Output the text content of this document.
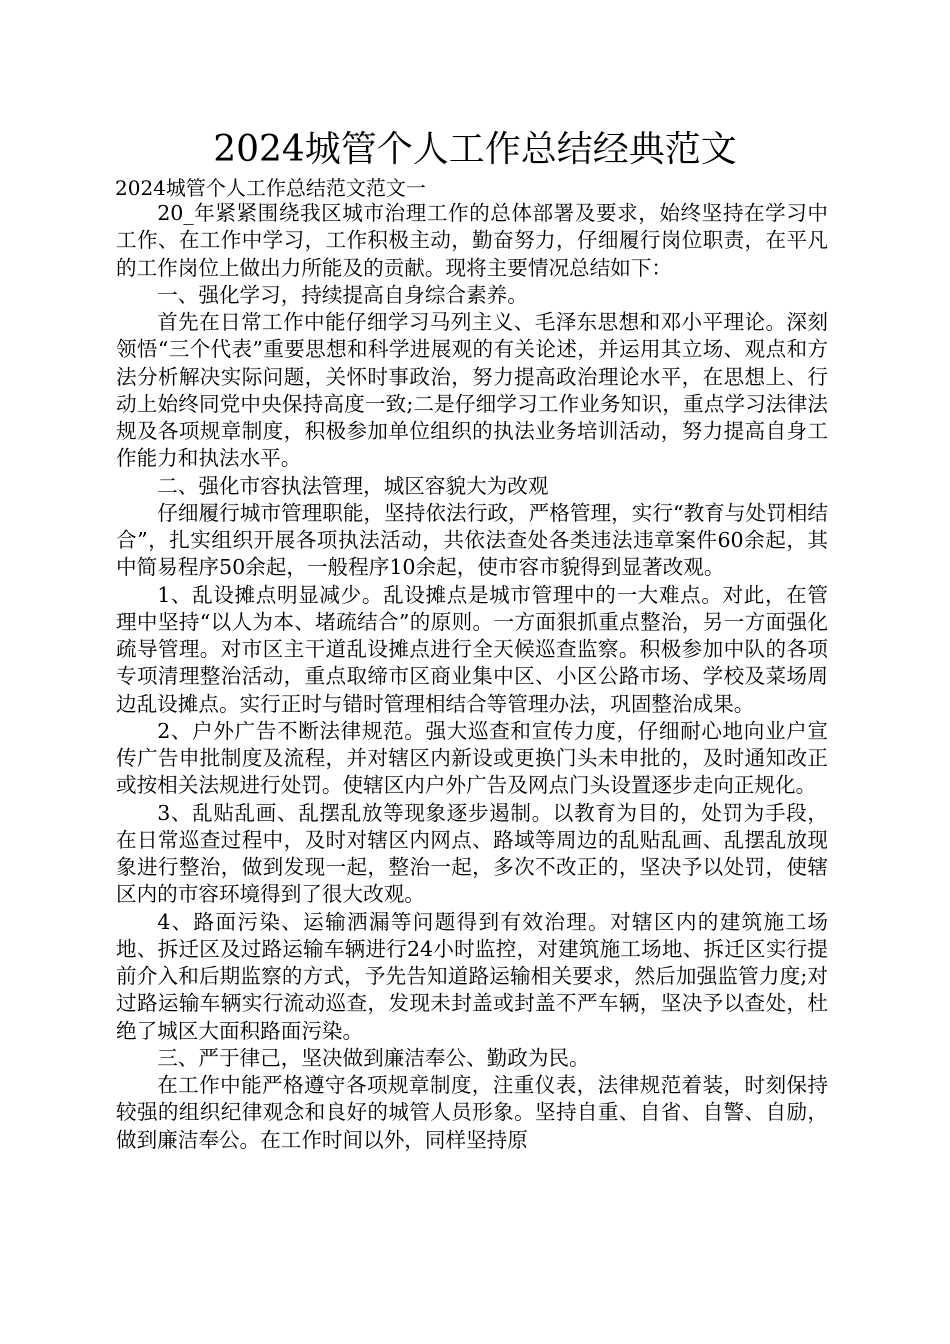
2024城管个人工作总结经典范文
2024城管个人工作总结范文范文一

20_年紧紧围绕我区城市治理工作的总体部署及要求，始终坚持在学习中工作、在工作中学习，工作积极主动，勤奋努力，仔细履行岗位职责，在平凡的工作岗位上做出力所能及的贡献。现将主要情况总结如下：

一、强化学习，持续提高自身综合素养。

首先在日常工作中能仔细学习马列主义、毛泽东思想和邓小平理论。深刻领悟“三个代表”重要思想和科学进展观的有关论述，并运用其立场、观点和方法分析解决实际问题，关怀时事政治，努力提高政治理论水平，在思想上、行动上始终同党中央保持高度一致;二是仔细学习工作业务知识，重点学习法律法规及各项规章制度，积极参加单位组织的执法业务培训活动，努力提高自身工作能力和执法水平。

二、强化市容执法管理，城区容貌大为改观

仔细履行城市管理职能，坚持依法行政，严格管理，实行“教育与处罚相结合”，扎实组织开展各项执法活动，共依法查处各类违法违章案件60余起，其中简易程序50余起，一般程序10余起，使市容市貌得到显著改观。

1、乱设摊点明显减少。乱设摊点是城市管理中的一大难点。对此，在管理中坚持“以人为本、堵疏结合”的原则。一方面狠抓重点整治，另一方面强化疏导管理。对市区主干道乱设摊点进行全天候巡查监察。积极参加中队的各项专项清理整治活动，重点取缔市区商业集中区、小区公路市场、学校及菜场周边乱设摊点。实行正时与错时管理相结合等管理办法，巩固整治成果。

2、户外广告不断法律规范。强大巡查和宣传力度，仔细耐心地向业户宣传广告申批制度及流程，并对辖区内新设或更换门头未申批的，及时通知改正或按相关法规进行处罚。使辖区内户外广告及网点门头设置逐步走向正规化。

3、乱贴乱画、乱摆乱放等现象逐步遏制。以教育为目的，处罚为手段，在日常巡查过程中，及时对辖区内网点、路域等周边的乱贴乱画、乱摆乱放现象进行整治，做到发现一起，整治一起，多次不改正的，坚决予以处罚，使辖区内的市容环境得到了很大改观。

4、路面污染、运输洒漏等问题得到有效治理。对辖区内的建筑施工场地、拆迁区及过路运输车辆进行24小时监控，对建筑施工场地、拆迁区实行提前介入和后期监察的方式，予先告知道路运输相关要求，然后加强监管力度;对过路运输车辆实行流动巡查，发现未封盖或封盖不严车辆，坚决予以查处，杜绝了城区大面积路面污染。

三、严于律己，坚决做到廉洁奉公、勤政为民。

在工作中能严格遵守各项规章制度，注重仪表，法律规范着装，时刻保持较强的组织纪律观念和良好的城管人员形象。坚持自重、自省、自警、自励，做到廉洁奉公。在工作时间以外，同样坚持原
